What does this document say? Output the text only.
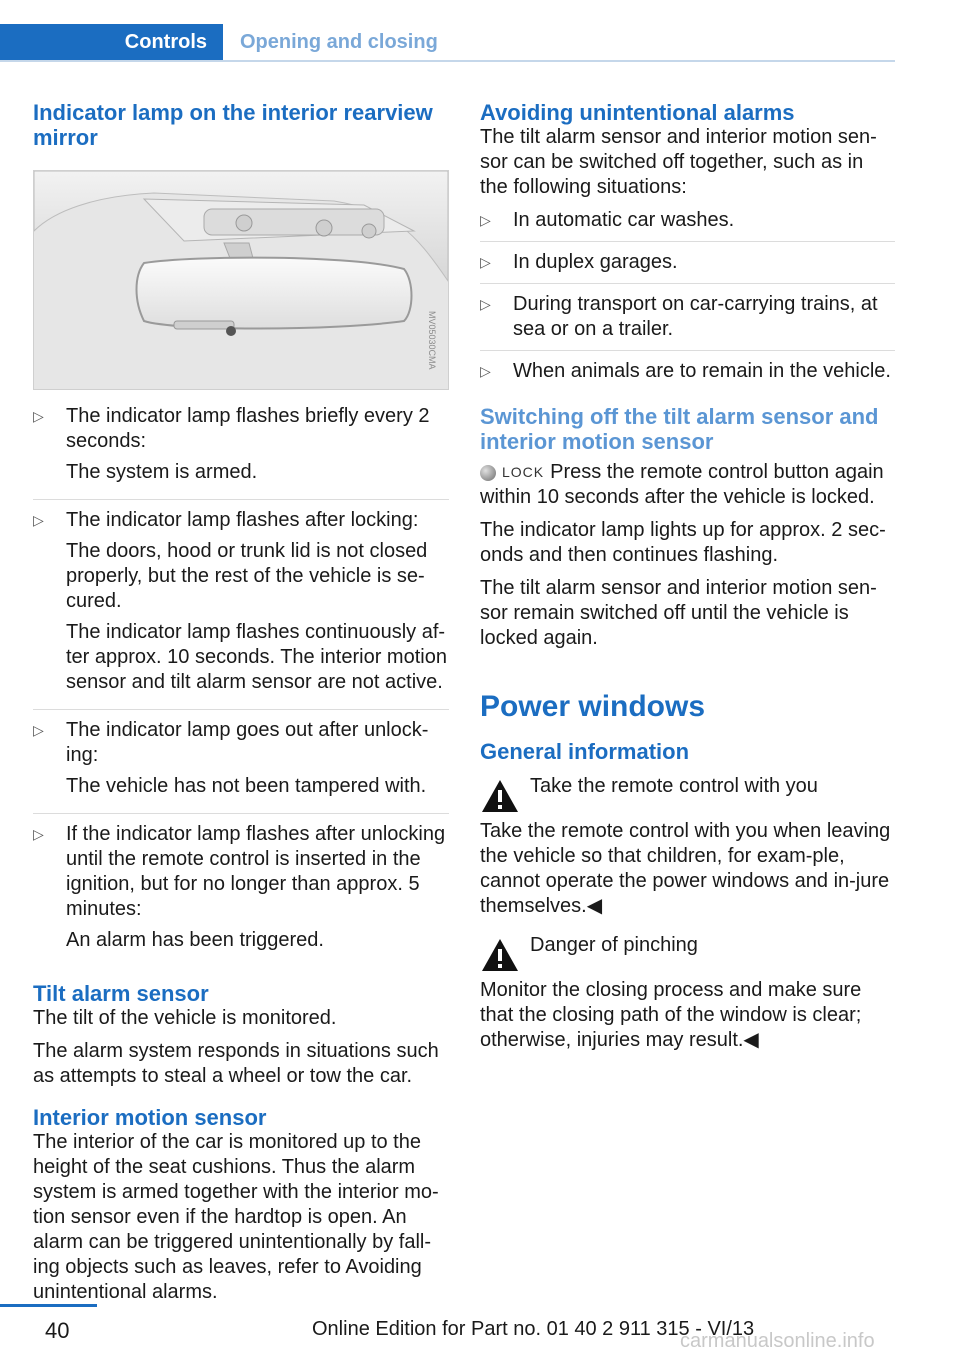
Controls	Opening and closing
Indicator lamp on the interior rearview mirror
MV05030CMA
▷ The indicator lamp flashes briefly every 2 seconds:

The system is armed.

▷ The indicator lamp flashes after locking:

The doors, hood or trunk lid is not closed properly, but the rest of the vehicle is se‐cured.

The indicator lamp flashes continuously af‐ter approx. 10 seconds. The interior motion sensor and tilt alarm sensor are not active.

▷ The indicator lamp goes out after unlock‐ing:

The vehicle has not been tampered with.

▷ If the indicator lamp flashes after unlocking until the remote control is inserted in the ignition, but for no longer than approx. 5 minutes:

An alarm has been triggered.

Tilt alarm sensor

The tilt of the vehicle is monitored.

The alarm system responds in situations such as attempts to steal a wheel or tow the car.

Interior motion sensor

The interior of the car is monitored up to the height of the seat cushions. Thus the alarm system is armed together with the interior mo‐tion sensor even if the hardtop is open. An alarm can be triggered unintentionally by fall‐ing objects such as leaves, refer to Avoiding unintentional alarms.

Avoiding unintentional alarms

The tilt alarm sensor and interior motion sen‐sor can be switched off together, such as in the following situations:

▷ In automatic car washes.
▷ In duplex garages.
▷ During transport on car-carrying trains, at sea or on a trailer.
▷ When animals are to remain in the vehicle.
Switching off the tilt alarm sensor and interior motion sensor

LOCK Press the remote control button again within 10 seconds after the vehicle is locked.

The indicator lamp lights up for approx. 2 sec‐onds and then continues flashing.

The tilt alarm sensor and interior motion sen‐sor remain switched off until the vehicle is locked again.

Power windows
General information

Take the remote control with you

Take the remote control with you when leaving the vehicle so that children, for exam‐ple, cannot operate the power windows and in‐jure themselves.◀

Danger of pinching

Monitor the closing process and make sure that the closing path of the window is clear; otherwise, injuries may result.◀

40	Online Edition for Part no. 01 40 2 911 315 - VI/13
carmanualsonline.info
